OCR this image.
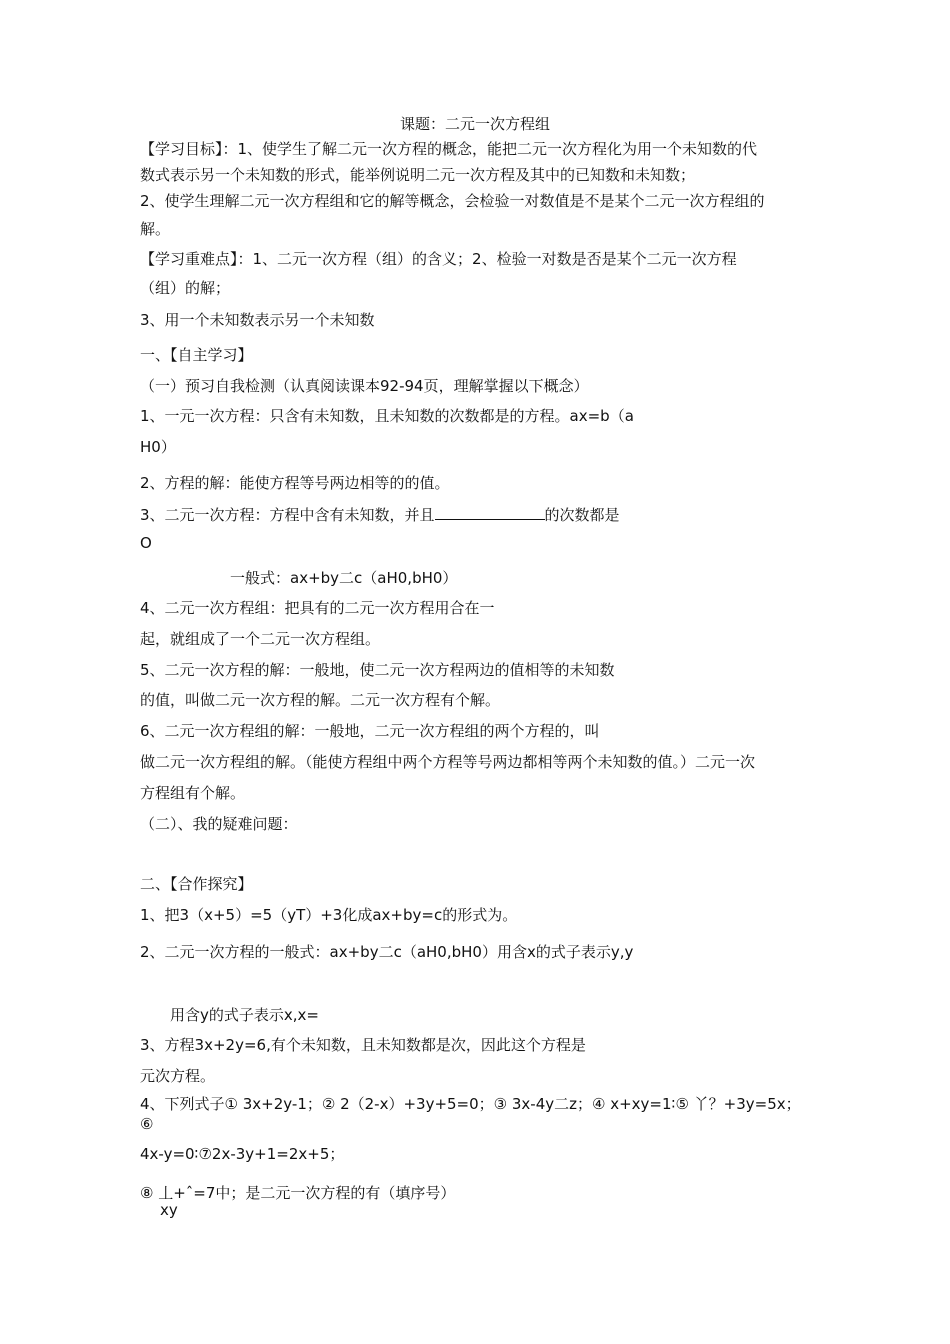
课题：二元一次方程组
【学习目标】：1、使学生了解二元一次方程的概念，能把二元一次方程化为用一个未知数的代
数式表示另一个未知数的形式，能举例说明二元一次方程及其中的已知数和未知数；
2、使学生理解二元一次方程组和它的解等概念，会检验一对数值是不是某个二元一次方程组的
解。
【学习重难点】：1、二元一次方程（组）的含义；2、检验一对数是否是某个二元一次方程
（组）的解；
3、用一个未知数表示另一个未知数
一、【自主学习】
（一）预习自我检测（认真阅读课本92-94页，理解掌握以下概念）
1、一元一次方程：只含有未知数，且未知数的次数都是的方程。ax=b（a
H0）
2、方程的解：能使方程等号两边相等的的值。
3、二元一次方程：方程中含有未知数，并且	的次数都是
O
一般式：ax+by二c（aH0,bH0）
4、二元一次方程组：把具有的二元一次方程用合在一
起，就组成了一个二元一次方程组。
5、二元一次方程的解：一般地，使二元一次方程两边的值相等的未知数
的值，叫做二元一次方程的解。二元一次方程有个解。
6、二元一次方程组的解：一般地，二元一次方程组的两个方程的，叫
做二元一次方程组的解。（能使方程组中两个方程等号两边都相等两个未知数的值。）二元一次
方程组有个解。
（二）、我的疑难问题：
二、【合作探究】
1、把3（x+5）=5（yT）+3化成ax+by=c的形式为。
2、二元一次方程的一般式：ax+by二c（aH0,bH0）用含x的式子表示y,y
用含y的式子表示x,x=
3、方程3x+2y=6,有个未知数，且未知数都是次，因此这个方程是
元次方程。
4、下列式子① 3x+2y-1；② 2（2-x）+3y+5=0；③ 3x-4y二z；④ x+xy=1∶⑤ 丫？+3y=5x；
⑥
4x-y=0∶⑦2x-3y+1=2x+5；
⑧ 丄+ˆ=7中；是二元一次方程的有（填序号）
xy
